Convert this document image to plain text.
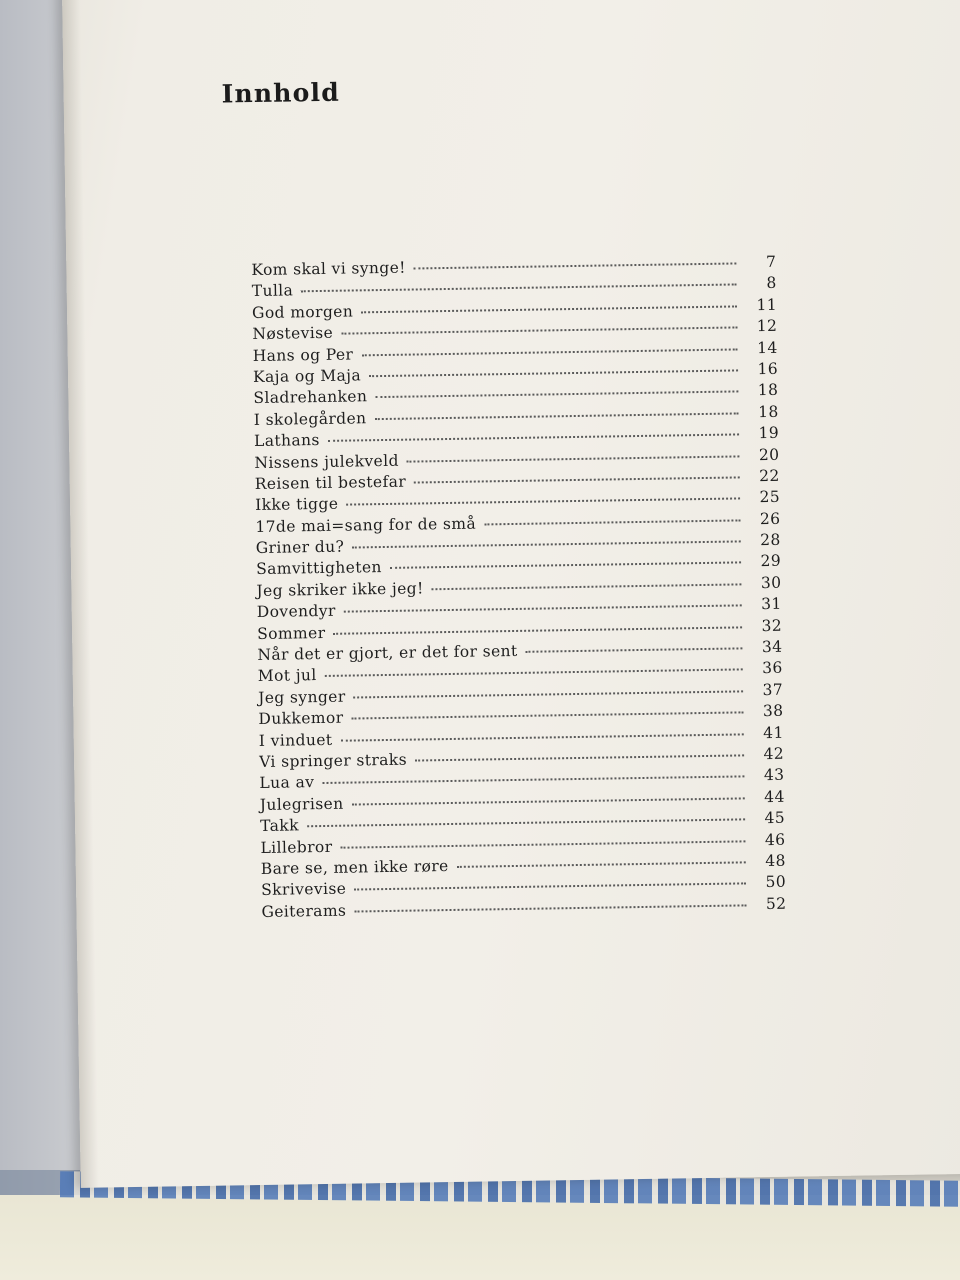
Innhold
Kom skal vi synge!	7
Tulla	8
God morgen	11
Nøstevise	12
Hans og Per	14
Kaja og Maja	16
Sladrehanken	18
I skolegården	18
Lathans	19
Nissens julekveld	20
Reisen til bestefar	22
Ikke tigge	25
17de mai=sang for de små	26
Griner du?	28
Samvittigheten	29
Jeg skriker ikke jeg!	30
Dovendyr	31
Sommer	32
Når det er gjort, er det for sent	34
Mot jul	36
Jeg synger	37
Dukkemor	38
I vinduet	41
Vi springer straks	42
Lua av	43
Julegrisen	44
Takk	45
Lillebror	46
Bare se, men ikke røre	48
Skrivevise	50
Geiterams	52
